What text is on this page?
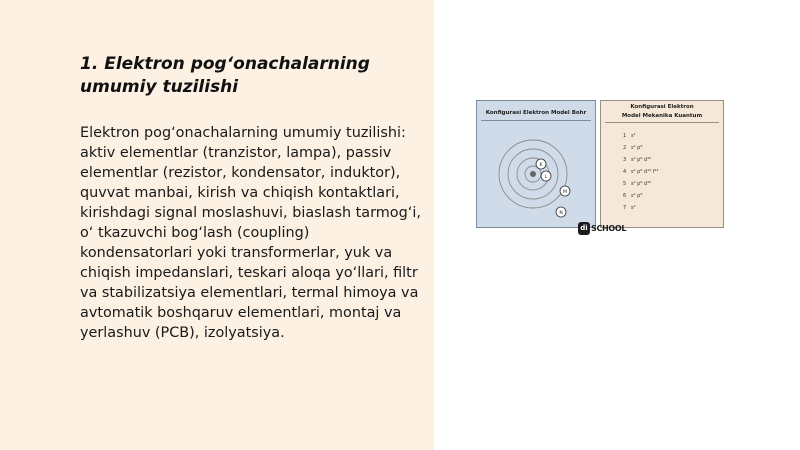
1. Elektron pog‘onachalarning umumiy tuzilishi

Elektron pog‘onachalarning umumiy tuzilishi: aktiv elementlar (tranzistor, lampa), passiv elementlar (rezistor, kondensator, induktor), quvvat manbai, kirish va chiqish kontaktlari, kirishdagi signal moslashuvi, biaslash tarmog‘i, o‘ tkazuvchi bog‘lash (coupling) kondensatorlari yoki transformerlar, yuk va chiqish impedanslari, teskari aloqa yo‘llari, filtr va stabilizatsiya elementlari, termal himoya va avtomatik boshqaruv elementlari, montaj va yerlashuv (PCB), izolyatsiya.

Konfigurasi Elektron Model Bohr
K
L
M
N
Konfigurasi Elektron
Model Mekanika Kuantum
1 s¹
2 s² p⁶
3 s² p⁶ d¹⁰
4 s² p⁶ d¹⁰ f¹⁴
5 s² p⁶ d¹⁰
6 s² p⁶
7 s²
di SCHOOL
